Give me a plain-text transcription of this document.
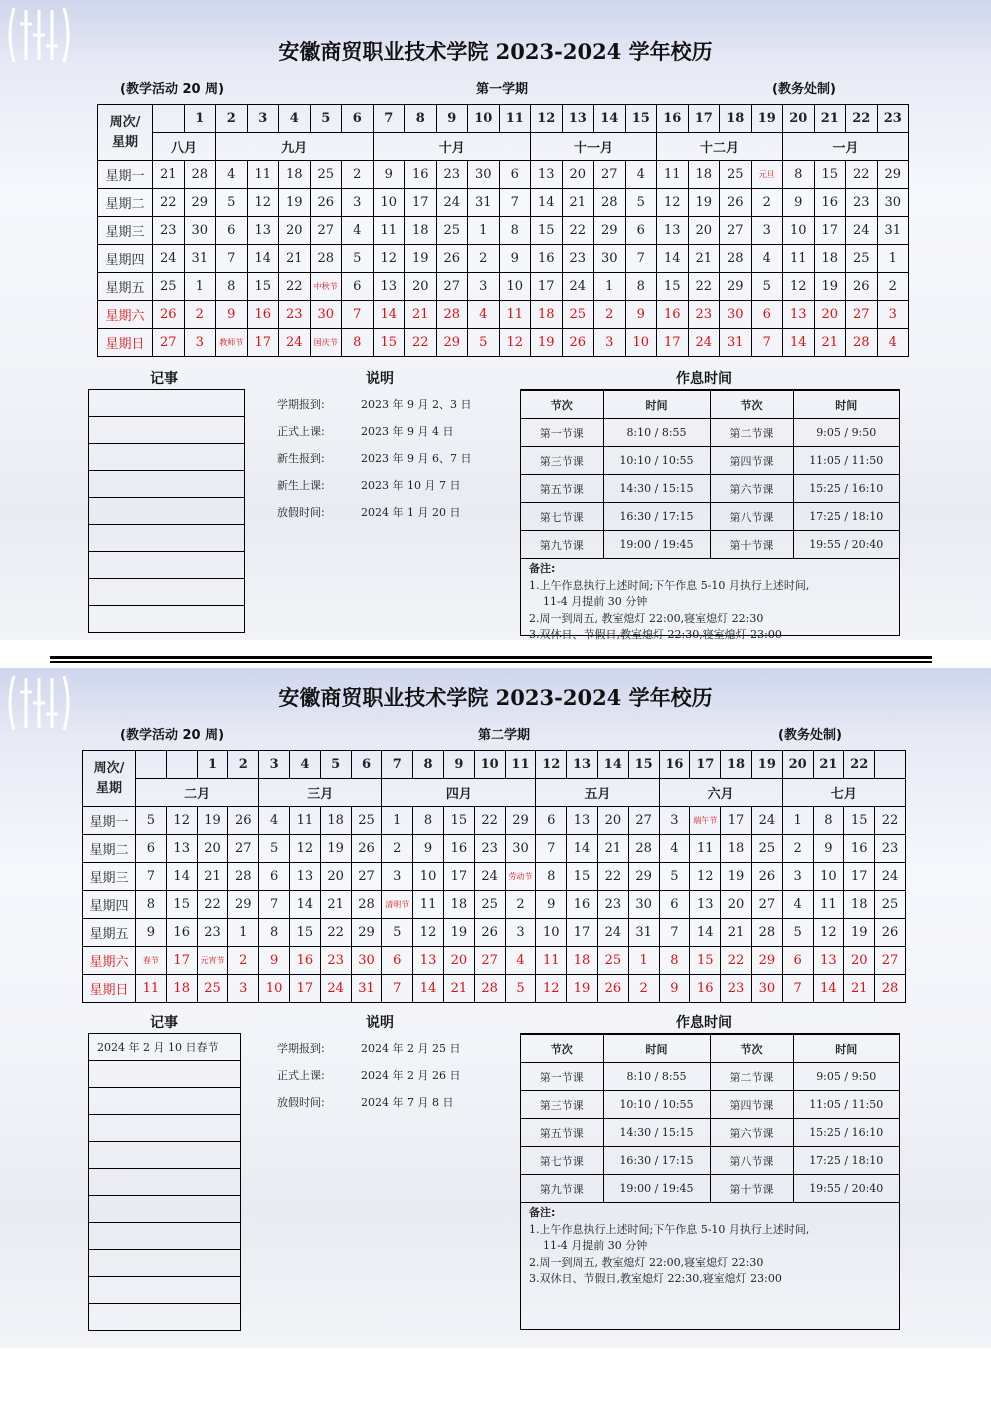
安徽商贸职业技术学院 2023-2024 学年校历
(教学活动 20 周)	第一学期	(教务处制)
周次/
星期		1	2	3	4	5	6	7	8	9	10	11	12	13	14	15	16	17	18	19	20	21	22	23
	八月		九月					十月					十一月				十二月				一月			
星期一	21	28	4	11	18	25	2	9	16	23	30	6	13	20	27	4	11	18	25	元旦	8	15	22	29
星期二	22	29	5	12	19	26	3	10	17	24	31	7	14	21	28	5	12	19	26	2	9	16	23	30
星期三	23	30	6	13	20	27	4	11	18	25	1	8	15	22	29	6	13	20	27	3	10	17	24	31
星期四	24	31	7	14	21	28	5	12	19	26	2	9	16	23	30	7	14	21	28	4	11	18	25	1
星期五	25	1	8	15	22	中秋节	6	13	20	27	3	10	17	24	1	8	15	22	29	5	12	19	26	2
星期六	26	2	9	16	23	30	7	14	21	28	4	11	18	25	2	9	16	23	30	6	13	20	27	3
星期日	27	3	教师节	17	24	国庆节	8	15	22	29	5	12	19	26	3	10	17	24	31	7	14	21	28	4
记事	说明
学期报到:	2023 年 9 月 2、3 日
正式上课:	2023 年 9 月 4 日
新生报到:	2023 年 9 月 6、7 日
新生上课:	2023 年 10 月 7 日
放假时间:	2024 年 1 月 20 日
作息时间
节次	时间	节次	时间
第一节课	8:10 / 8:55	第二节课	9:05 / 9:50
第三节课	10:10 / 10:55	第四节课	11:05 / 11:50
第五节课	14:30 / 15:15	第六节课	15:25 / 16:10
第七节课	16:30 / 17:15	第八节课	17:25 / 18:10
第九节课	19:00 / 19:45	第十节课	19:55 / 20:40
备注:
1.上午作息执行上述时间;下午作息 5-10 月执行上述时间,
11-4 月提前 30 分钟
2.周一到周五, 教室熄灯 22:00,寝室熄灯 22:30
3.双休日、节假日,教室熄灯 22:30,寝室熄灯 23:00
安徽商贸职业技术学院 2023-2024 学年校历
(教学活动 20 周)	第二学期	(教务处制)
周次/
星期			1	2	3	4	5	6	7	8	9	10	11	12	13	14	15	16	17	18	19	20	21	22	
	二月				三月				四月					五月				六月				七月			
星期一	5	12	19	26	4	11	18	25	1	8	15	22	29	6	13	20	27	3	端午节	17	24	1	8	15	22
星期二	6	13	20	27	5	12	19	26	2	9	16	23	30	7	14	21	28	4	11	18	25	2	9	16	23
星期三	7	14	21	28	6	13	20	27	3	10	17	24	劳动节	8	15	22	29	5	12	19	26	3	10	17	24
星期四	8	15	22	29	7	14	21	28	清明节	11	18	25	2	9	16	23	30	6	13	20	27	4	11	18	25
星期五	9	16	23	1	8	15	22	29	5	12	19	26	3	10	17	24	31	7	14	21	28	5	12	19	26
星期六	春节	17	元宵节	2	9	16	23	30	6	13	20	27	4	11	18	25	1	8	15	22	29	6	13	20	27
星期日	11	18	25	3	10	17	24	31	7	14	21	28	5	12	19	26	2	9	16	23	30	7	14	21	28
记事
2024 年 2 月 10 日春节

说明
学期报到:	2024 年 2 月 25 日
正式上课:	2024 年 2 月 26 日
放假时间:	2024 年 7 月 8 日
作息时间
节次	时间	节次	时间
第一节课	8:10 / 8:55	第二节课	9:05 / 9:50
第三节课	10:10 / 10:55	第四节课	11:05 / 11:50
第五节课	14:30 / 15:15	第六节课	15:25 / 16:10
第七节课	16:30 / 17:15	第八节课	17:25 / 18:10
第九节课	19:00 / 19:45	第十节课	19:55 / 20:40
备注:
1.上午作息执行上述时间;下午作息 5-10 月执行上述时间,
11-4 月提前 30 分钟
2.周一到周五, 教室熄灯 22:00,寝室熄灯 22:30
3.双休日、节假日,教室熄灯 22:30,寝室熄灯 23:00
